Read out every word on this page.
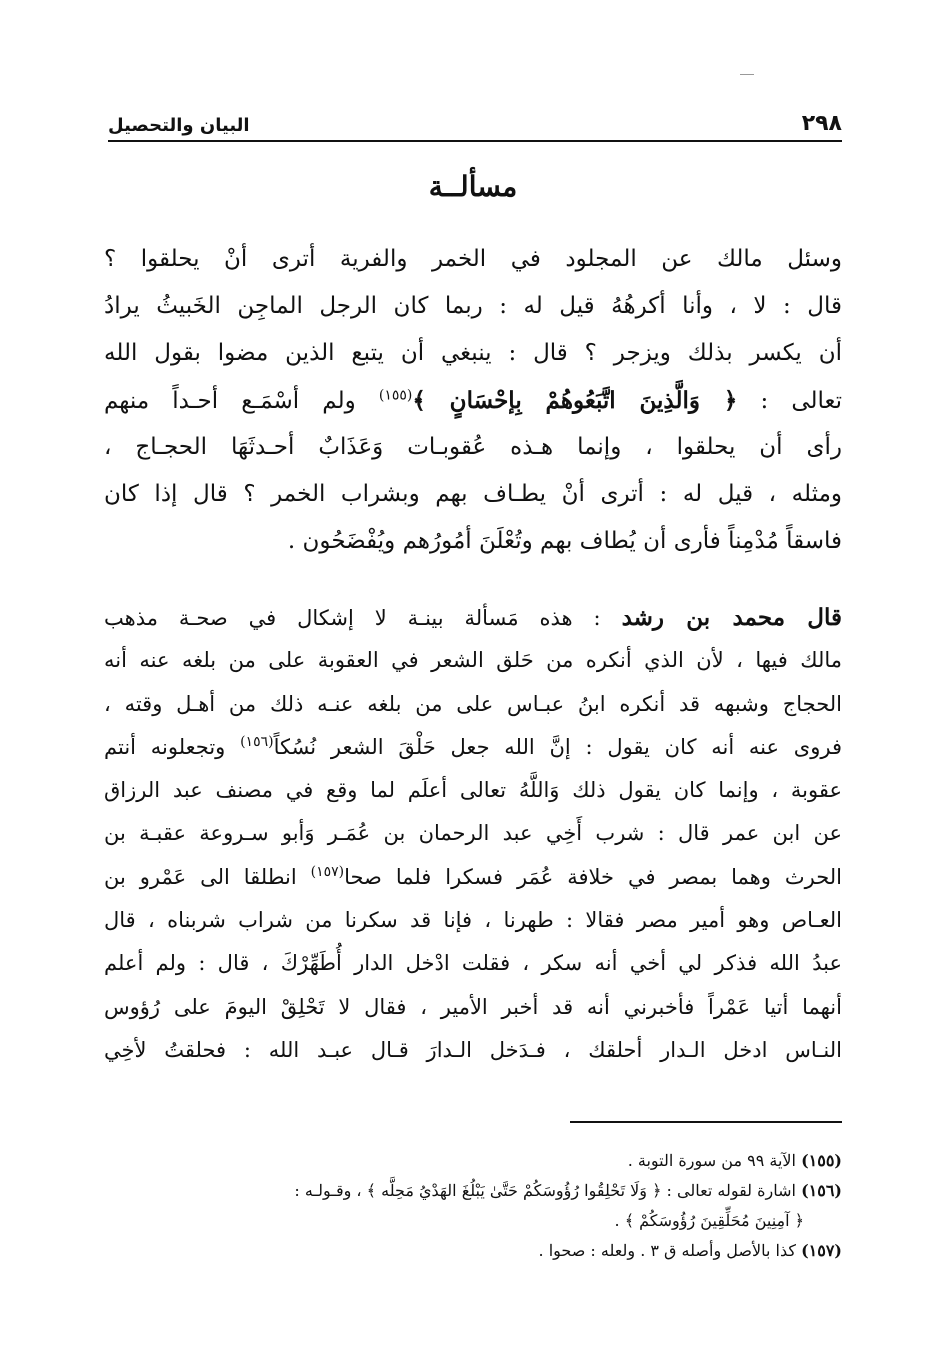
٢٩٨
البيان والتحصيل
مسألــة
وسئل مالك عن المجلود في الخمر والفرية أترى أنْ يحلقوا ؟
قال : لا ، وأنا أكرهُهُ قيل له : ربما كان الرجل الماجِن الخَبيثُ يرادُ
أن يكسر بذلك ويزجر ؟ قال : ينبغي أن يتبع الذين مضوا بقول الله
تعالى : ﴿ وَالَّذِينَ اتَّبَعُوهُمْ بِإحْسَانٍ ﴾$^{(١٥٥)}$ ولم أسْمَـع أحـداً منهم
رأى أن يحلقوا ، وإنما هـذه عُقوبـات وَعَذَابٌ أحـدثَهَا الحجـاج ،
ومثله ، قيل له : أترى أنْ يطـاف بهم وبشراب الخمر ؟ قال إذا كان
فاسقاً مُدْمِناً فأرى أن يُطاف بهم وتُعْلَنَ أمُورُهم ويُفْضَحُون .
قال محمد بن رشد : هذه مَسألة بينـة لا إشكال في صحـة مذهب
مالك فيها ، لأن الذي أنكره من حَلق الشعر في العقوبة على من بلغه عنه أنه
الحجاج وشبهه قد أنكره ابنُ عبـاس على من بلغه عنـه ذلك من أهـل وقته ،
فروى عنه أنه كان يقول : إنَّ الله جعل حَلْقَ الشعر نُسُكاً$^{(١٥٦)}$ وتجعلونه أنتم
عقوبة ، وإنما كان يقول ذلك وَاللَّهُ تعالى أعلَم لما وقع في مصنف عبد الرزاق
عن ابن عمر قال : شرب أَخِي عبد الرحمان بن عُمَـر وَأبو سـروعة عقبـة بن
الحرث وهما بمصر في خلافة عُمَر فسكرا فلما صحا$^{(١٥٧)}$ انطلقا الى عَمْرو بن
العـاص وهو أمير مصر فقالا : طهرنا ، فإنا قد سكرنا من شراب شربناه ، قال
عبدُ الله فذكر لي أخي أنه سكر ، فقلت ادْخل الدار أُطَهِّرْكَ ، قال : ولم أعلم
أنهما أتيا عَمْراً فأخبرني أنه قد أخبر الأمير ، فقال لا تَحْلِقْ اليومَ على رُؤوس
النـاس ادخل الـدار أحلقك ، فـدَخل الـدارَ قـال عبـد الله : فحلقتُ لأخِي
(١٥٥) الآية ٩٩ من سورة التوبة .
(١٥٦) اشارة لقوله تعالى : ﴿ وَلَا تَحْلِقُوا رُؤُوسَكُمْ حَتَّىٰ يَبْلُغَ الهَدْيُ مَحِلَّه ﴾ ، وقـولـه :
﴿ آمِنِينَ مُحَلِّقِينَ رُؤُوسَكُمْ ﴾ .
(١٥٧) كذا بالأصل وأصله ق ٣ . ولعله : صحوا .
